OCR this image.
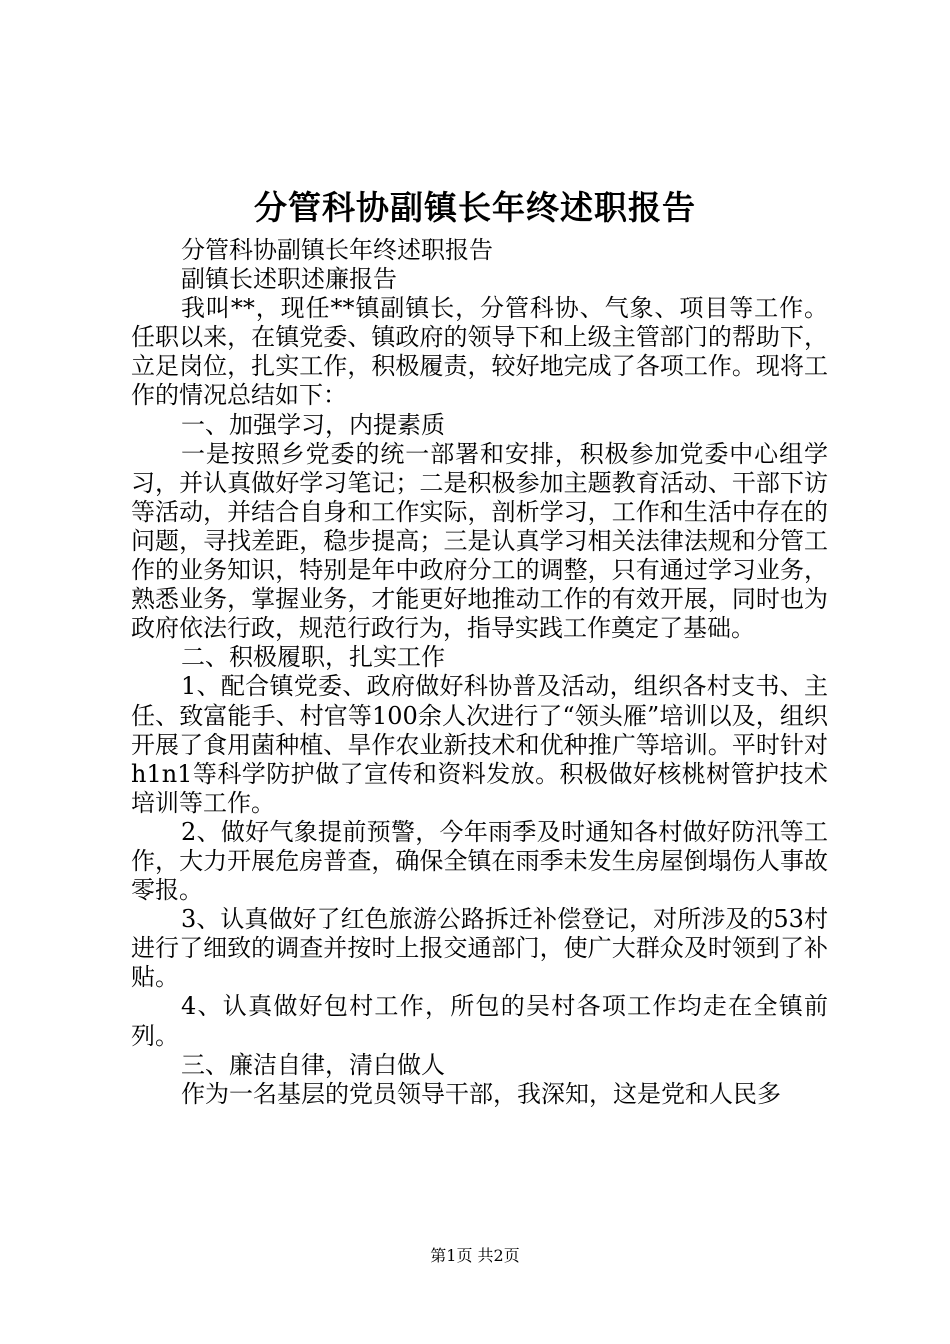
分管科协副镇长年终述职报告

分管科协副镇长年终述职报告

副镇长述职述廉报告

我叫**，现任**镇副镇长，分管科协、气象、项目等工作。任职以来，在镇党委、镇政府的领导下和上级主管部门的帮助下，立足岗位，扎实工作，积极履责，较好地完成了各项工作。现将工作的情况总结如下：

一、加强学习，内提素质

一是按照乡党委的统一部署和安排，积极参加党委中心组学习，并认真做好学习笔记；二是积极参加主题教育活动、干部下访等活动，并结合自身和工作实际，剖析学习，工作和生活中存在的问题，寻找差距，稳步提高；三是认真学习相关法律法规和分管工作的业务知识，特别是年中政府分工的调整，只有通过学习业务，熟悉业务，掌握业务，才能更好地推动工作的有效开展，同时也为政府依法行政，规范行政行为，指导实践工作奠定了基础。

二、积极履职，扎实工作

1、配合镇党委、政府做好科协普及活动，组织各村支书、主任、致富能手、村官等100余人次进行了“领头雁”培训以及，组织开展了食用菌种植、旱作农业新技术和优种推广等培训。平时针对h1n1等科学防护做了宣传和资料发放。积极做好核桃树管护技术培训等工作。

2、做好气象提前预警，今年雨季及时通知各村做好防汛等工作，大力开展危房普查，确保全镇在雨季未发生房屋倒塌伤人事故零报。

3、认真做好了红色旅游公路拆迁补偿登记，对所涉及的53村进行了细致的调查并按时上报交通部门，使广大群众及时领到了补贴。

4、认真做好包村工作，所包的吴村各项工作均走在全镇前列。

三、廉洁自律，清白做人

作为一名基层的党员领导干部，我深知，这是党和人民多

第1页 共2页
